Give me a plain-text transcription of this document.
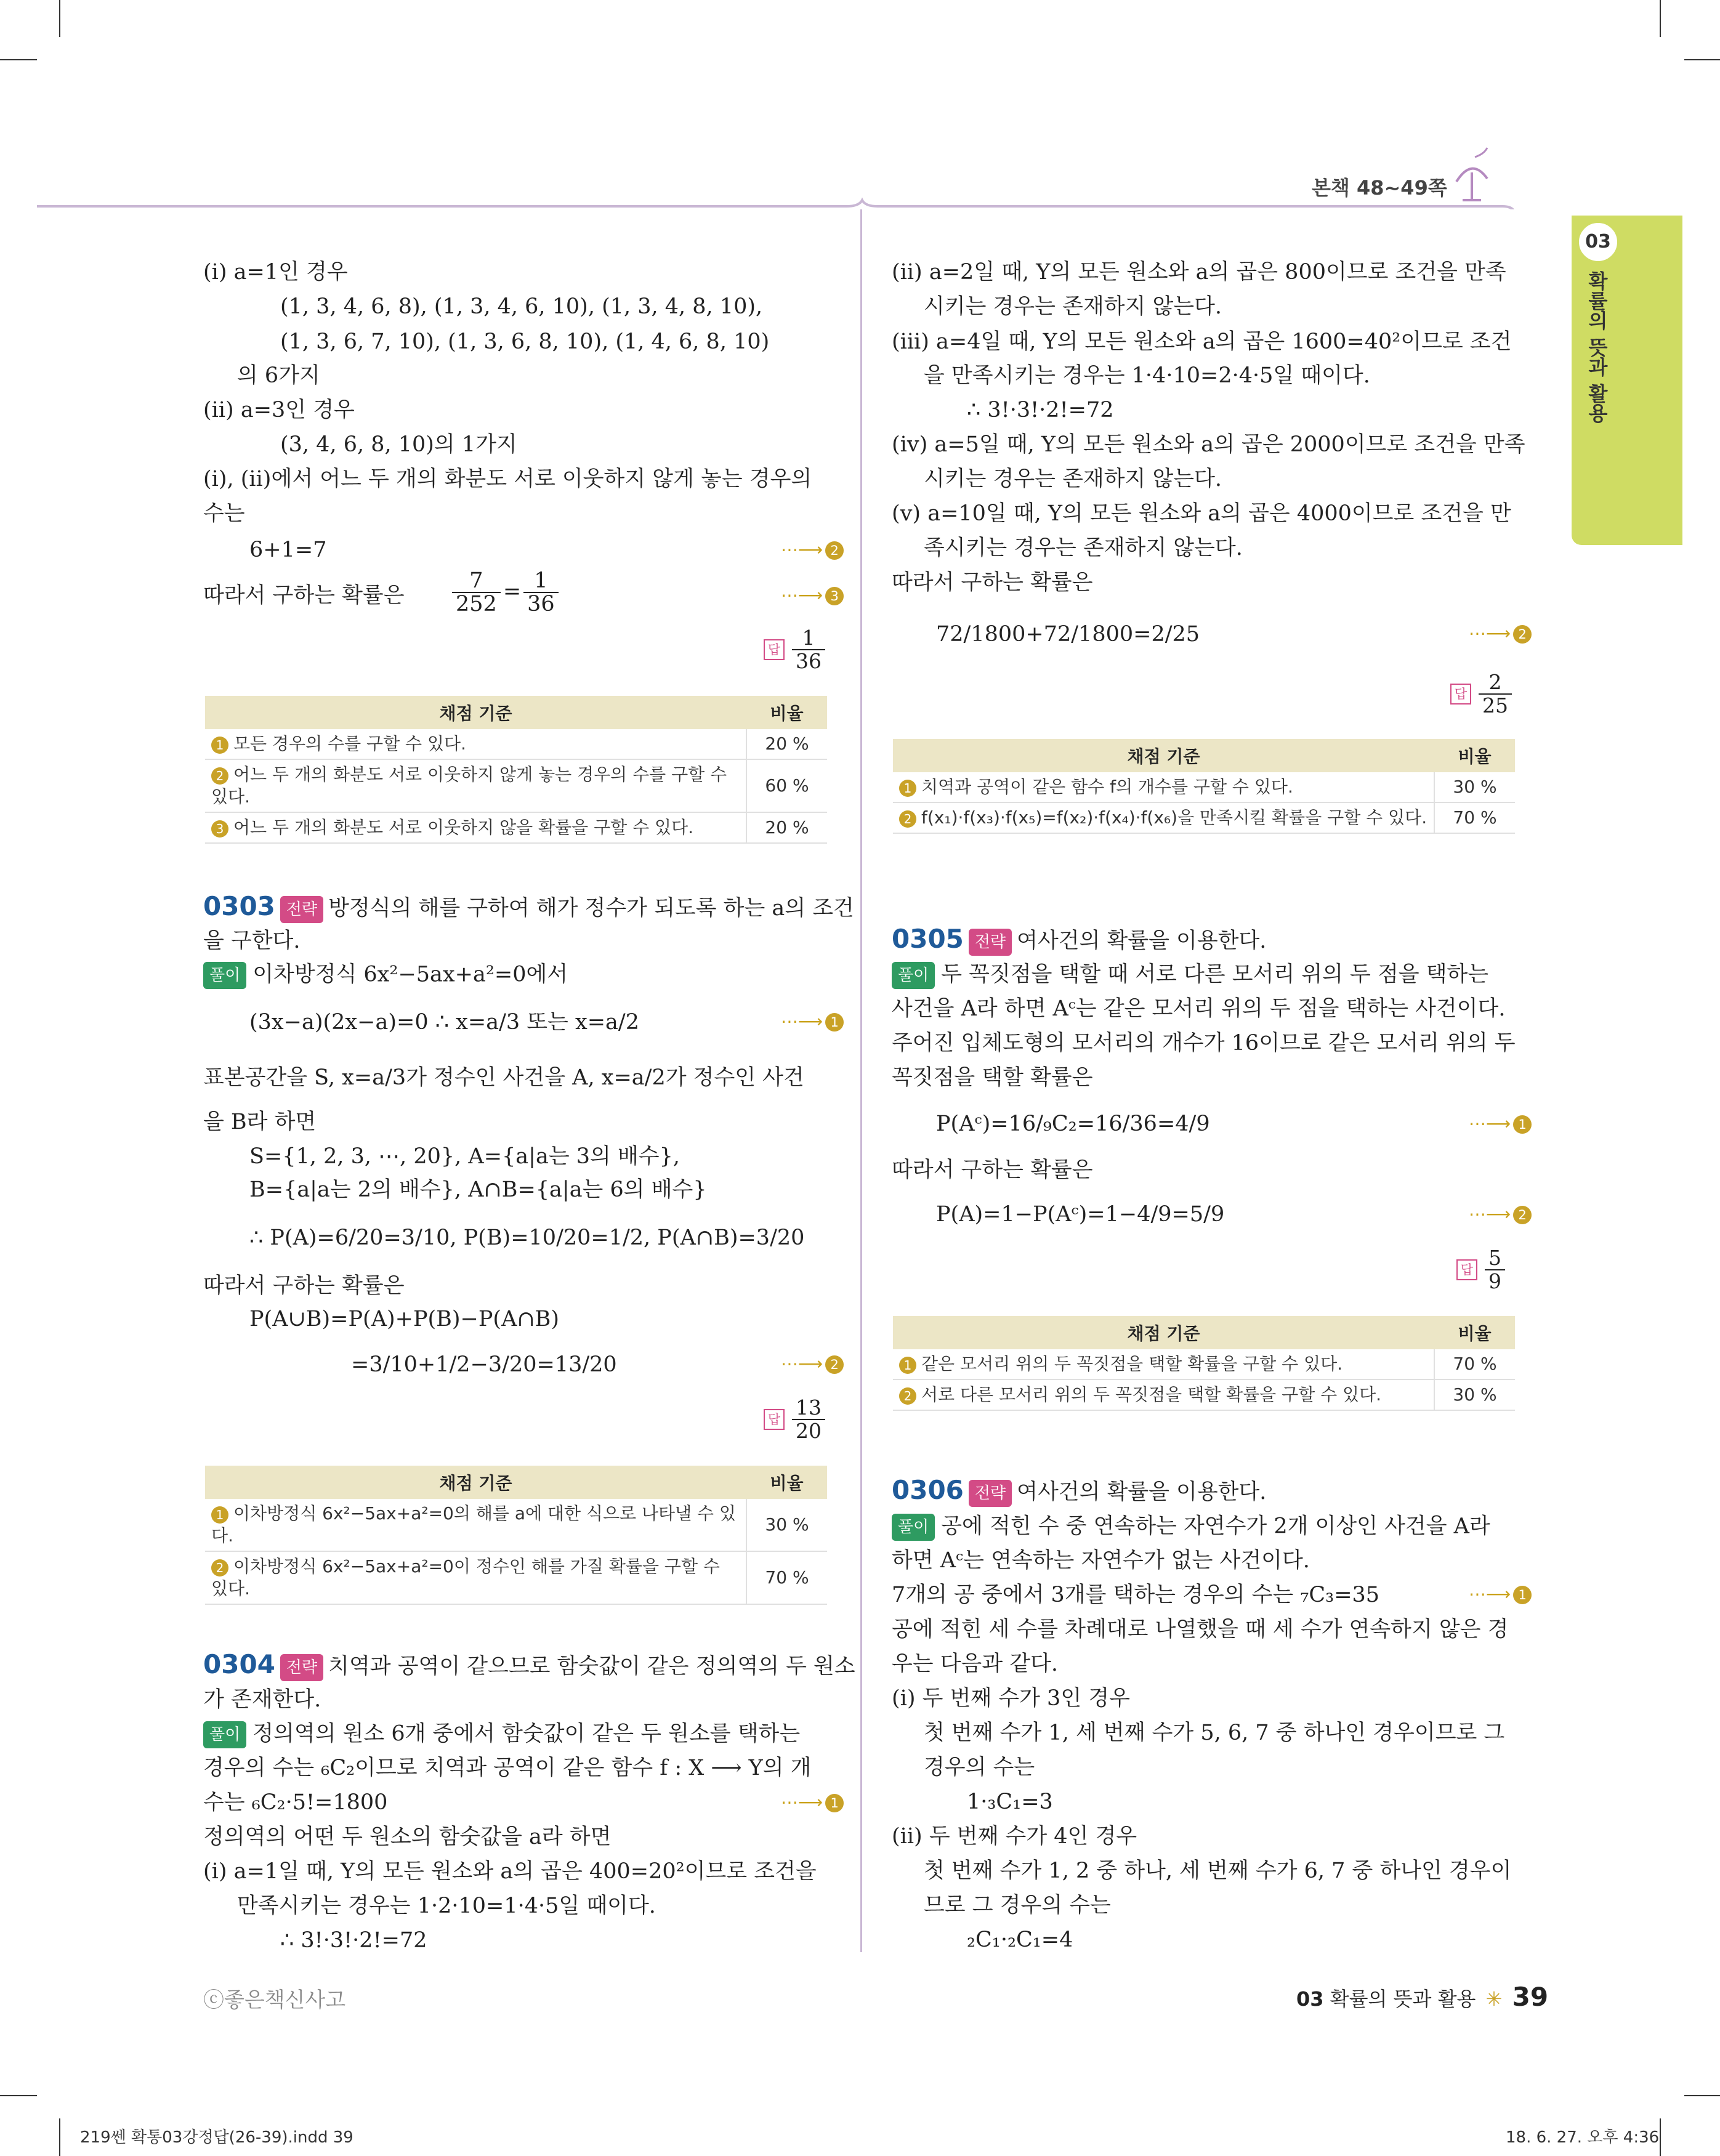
본책 48~49쪽
03
확률의 뜻과 활용
(ⅰ) a=1인 경우
(1, 3, 4, 6, 8), (1, 3, 4, 6, 10), (1, 3, 4, 8, 10),
(1, 3, 6, 7, 10), (1, 3, 6, 8, 10), (1, 4, 6, 8, 10)
의 6가지
(ⅱ) a=3인 경우
(3, 4, 6, 8, 10)의 1가지
(ⅰ), (ⅱ)에서 어느 두 개의 화분도 서로 이웃하지 않게 놓는 경우의
수는
6+1=7	⋯⟶ 2
따라서 구하는 확률은 $\frac{7}{252} = \frac{1}{36}$	⋯⟶ 3
답 $\frac{1}{36}$
채점 기준	비율
1 모든 경우의 수를 구할 수 있다.	20 %
2 어느 두 개의 화분도 서로 이웃하지 않게 놓는 경우의 수를 구할 수 있다.	60 %
3 어느 두 개의 화분도 서로 이웃하지 않을 확률을 구할 수 있다.	20 %
0303 전략 방정식의 해를 구하여 해가 정수가 되도록 하는 a의 조건
을 구한다.
풀이 이차방정식 6x²−5ax+a²=0에서
(3x−a)(2x−a)=0 ∴ x=a/3 또는 x=a/2	⋯⟶ 1
표본공간을 S, x=a/3가 정수인 사건을 A, x=a/2가 정수인 사건
을 B라 하면
S={1, 2, 3, ⋯, 20}, A={a|a는 3의 배수},
B={a|a는 2의 배수}, A∩B={a|a는 6의 배수}
∴ P(A)=6/20=3/10, P(B)=10/20=1/2, P(A∩B)=3/20
따라서 구하는 확률은
P(A∪B)=P(A)+P(B)−P(A∩B)
=3/10+1/2−3/20=13/20	⋯⟶ 2
답 $\frac{13}{20}$
채점 기준	비율
1 이차방정식 6x²−5ax+a²=0의 해를 a에 대한 식으로 나타낼 수 있다.	30 %
2 이차방정식 6x²−5ax+a²=0이 정수인 해를 가질 확률을 구할 수 있다.	70 %
0304 전략 치역과 공역이 같으므로 함숫값이 같은 정의역의 두 원소
가 존재한다.
풀이 정의역의 원소 6개 중에서 함숫값이 같은 두 원소를 택하는
경우의 수는 ₆C₂이므로 치역과 공역이 같은 함수 f : X ⟶ Y의 개
수는 ₆C₂·5!=1800	⋯⟶ 1
정의역의 어떤 두 원소의 함숫값을 a라 하면
(ⅰ) a=1일 때, Y의 모든 원소와 a의 곱은 400=20²이므로 조건을
만족시키는 경우는 1·2·10=1·4·5일 때이다.
∴ 3!·3!·2!=72
(ⅱ) a=2일 때, Y의 모든 원소와 a의 곱은 800이므로 조건을 만족
시키는 경우는 존재하지 않는다.
(ⅲ) a=4일 때, Y의 모든 원소와 a의 곱은 1600=40²이므로 조건
을 만족시키는 경우는 1·4·10=2·4·5일 때이다.
∴ 3!·3!·2!=72
(ⅳ) a=5일 때, Y의 모든 원소와 a의 곱은 2000이므로 조건을 만족
시키는 경우는 존재하지 않는다.
(ⅴ) a=10일 때, Y의 모든 원소와 a의 곱은 4000이므로 조건을 만
족시키는 경우는 존재하지 않는다.
따라서 구하는 확률은
72/1800+72/1800=2/25	⋯⟶ 2
답 $\frac{2}{25}$
채점 기준	비율
1 치역과 공역이 같은 함수 f의 개수를 구할 수 있다.	30 %
2 f(x₁)·f(x₃)·f(x₅)=f(x₂)·f(x₄)·f(x₆)을 만족시킬 확률을 구할 수 있다.	70 %
0305 전략 여사건의 확률을 이용한다.
풀이 두 꼭짓점을 택할 때 서로 다른 모서리 위의 두 점을 택하는
사건을 A라 하면 Aᶜ는 같은 모서리 위의 두 점을 택하는 사건이다.
주어진 입체도형의 모서리의 개수가 16이므로 같은 모서리 위의 두
꼭짓점을 택할 확률은
P(Aᶜ)=16/₉C₂=16/36=4/9	⋯⟶ 1
따라서 구하는 확률은
P(A)=1−P(Aᶜ)=1−4/9=5/9	⋯⟶ 2
답 $\frac{5}{9}$
채점 기준	비율
1 같은 모서리 위의 두 꼭짓점을 택할 확률을 구할 수 있다.	70 %
2 서로 다른 모서리 위의 두 꼭짓점을 택할 확률을 구할 수 있다.	30 %
0306 전략 여사건의 확률을 이용한다.
풀이 공에 적힌 수 중 연속하는 자연수가 2개 이상인 사건을 A라
하면 Aᶜ는 연속하는 자연수가 없는 사건이다.
7개의 공 중에서 3개를 택하는 경우의 수는 ₇C₃=35	⋯⟶ 1
공에 적힌 세 수를 차례대로 나열했을 때 세 수가 연속하지 않은 경
우는 다음과 같다.
(ⅰ) 두 번째 수가 3인 경우
첫 번째 수가 1, 세 번째 수가 5, 6, 7 중 하나인 경우이므로 그
경우의 수는
1·₃C₁=3
(ⅱ) 두 번째 수가 4인 경우
첫 번째 수가 1, 2 중 하나, 세 번째 수가 6, 7 중 하나인 경우이
므로 그 경우의 수는
₂C₁·₂C₁=4
ⓒ좋은책신사고	03 확률의 뜻과 활용 ✳ 39
219쎈 확통03강정답(26-39).indd 39	18. 6. 27. 오후 4:36
